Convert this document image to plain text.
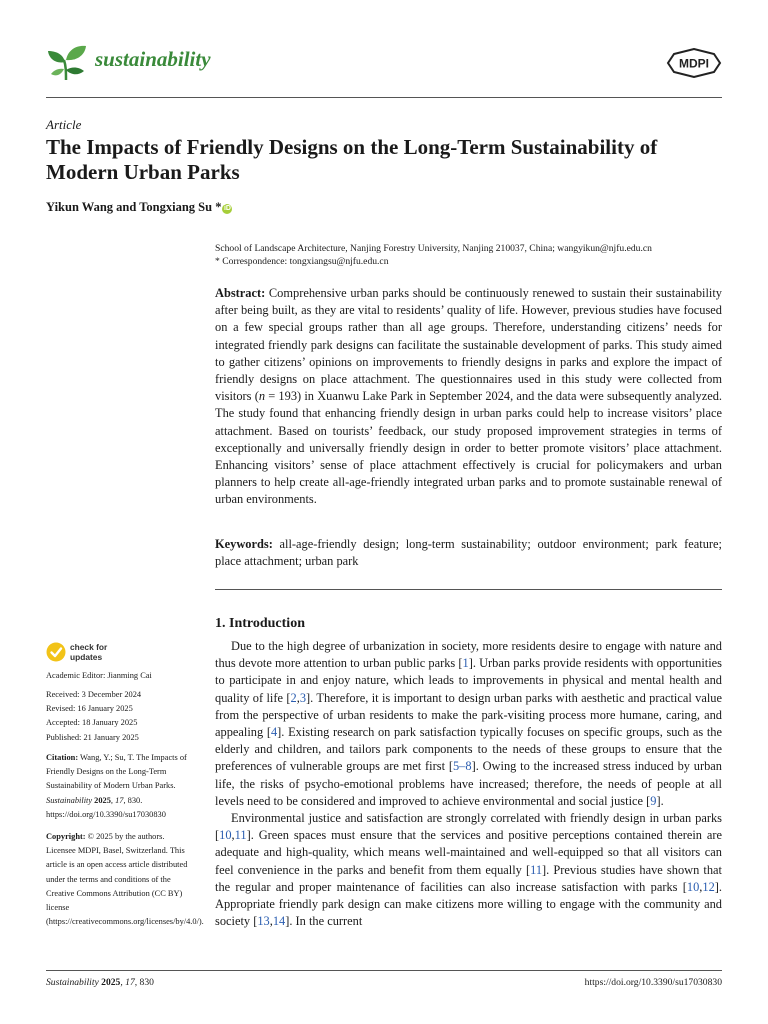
sustainability	MDPI
Article
The Impacts of Friendly Designs on the Long-Term Sustainability of Modern Urban Parks
Yikun Wang and Tongxiang Su * iD
School of Landscape Architecture, Nanjing Forestry University, Nanjing 210037, China; wangyikun@njfu.edu.cn
* Correspondence: tongxiangsu@njfu.edu.cn
Abstract: Comprehensive urban parks should be continuously renewed to sustain their sustainability after being built, as they are vital to residents’ quality of life. However, previous studies have focused on a few special groups rather than all age groups. Therefore, understanding citizens’ needs for integrated friendly park designs can facilitate the sustainable development of parks. This study aimed to gather citizens’ opinions on improvements to friendly designs in parks and explore the impact of friendly designs on place attachment. The questionnaires used in this study were collected from visitors (n = 193) in Xuanwu Lake Park in September 2024, and the data were subsequently analyzed. The study found that enhancing friendly design in urban parks could help to increase visitors’ place attachment. Based on tourists’ feedback, our study proposed improvement strategies in terms of exceptionally and universally friendly design in order to better promote visitors’ place attachment. Enhancing visitors’ sense of place attachment effectively is crucial for policymakers and urban planners to help create all-age-friendly integrated urban parks and to promote sustainable renewal of urban environments.
Keywords: all-age-friendly design; long-term sustainability; outdoor environment; park feature; place attachment; urban park
1. Introduction

Due to the high degree of urbanization in society, more residents desire to engage with nature and thus devote more attention to urban public parks [1]. Urban parks provide residents with opportunities to participate in and enjoy nature, which leads to improvements in physical and mental health and quality of life [2,3]. Therefore, it is important to design urban parks with aesthetic and practical value from the perspective of urban residents to make the park-visiting process more humane, caring, and appealing [4]. Existing research on park satisfaction typically focuses on specific groups, such as the elderly and children, and tailors park components to the needs of these groups to ensure that the preferences of vulnerable groups are met first [5–8]. Owing to the increased stress induced by urban life, the risks of psycho-emotional problems have increased; therefore, the needs of people at all levels need to be considered and improved to achieve environmental and social justice [9].

Environmental justice and satisfaction are strongly correlated with friendly design in urban parks [10,11]. Green spaces must ensure that the services and positive perceptions contained therein are adequate and high-quality, which means well-maintained and well-equipped so that all visitors can feel convenience in the parks and benefit from them equally [11]. Previous studies have shown that the regular and proper maintenance of facilities can also increase satisfaction with parks [10,12]. Appropriate friendly park design can make citizens more willing to engage with the community and society [13,14]. In the current

check for
updates
Academic Editor: Jianming Cai
Received: 3 December 2024
Revised: 16 January 2025
Accepted: 18 January 2025
Published: 21 January 2025
Citation: Wang, Y.; Su, T. The Impacts of Friendly Designs on the Long-Term Sustainability of Modern Urban Parks. Sustainability 2025, 17, 830. https://doi.org/10.3390/su17030830
Copyright: © 2025 by the authors. Licensee MDPI, Basel, Switzerland. This article is an open access article distributed under the terms and conditions of the Creative Commons Attribution (CC BY) license (https://creativecommons.org/licenses/by/4.0/).
Sustainability 2025, 17, 830	https://doi.org/10.3390/su17030830
